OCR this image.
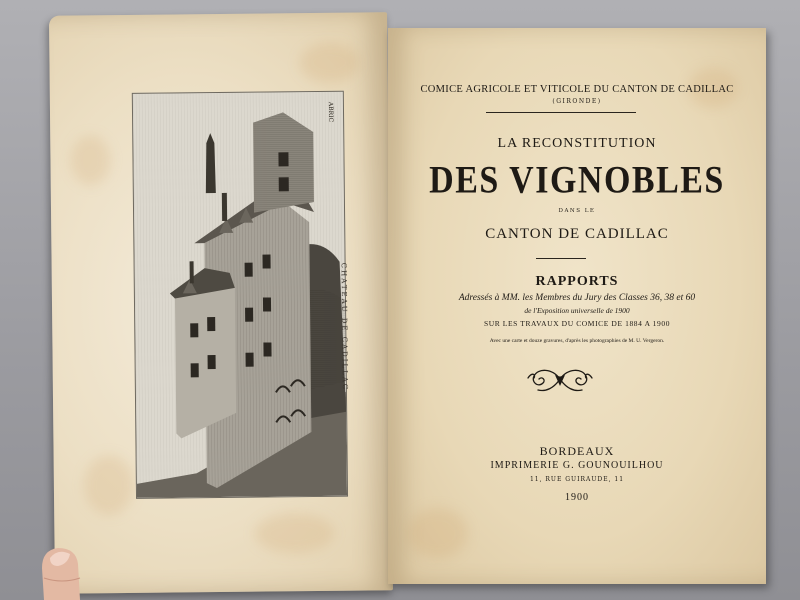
ABRIC
CHATEAU DE CADILLAC
COMICE AGRICOLE ET VITICOLE DU CANTON DE CADILLAC
(GIRONDE)
LA RECONSTITUTION
DES VIGNOBLES
DANS LE
CANTON DE CADILLAC
RAPPORTS
Adressés à MM. les Membres du Jury des Classes 36, 38 et 60
de l'Exposition universelle de 1900
SUR LES TRAVAUX DU COMICE DE 1884 A 1900
Avec une carte et douze gravures, d'après les photographies de M. U. Vergeron.
BORDEAUX
IMPRIMERIE G. GOUNOUILHOU
11, RUE GUIRAUDE, 11
1900
